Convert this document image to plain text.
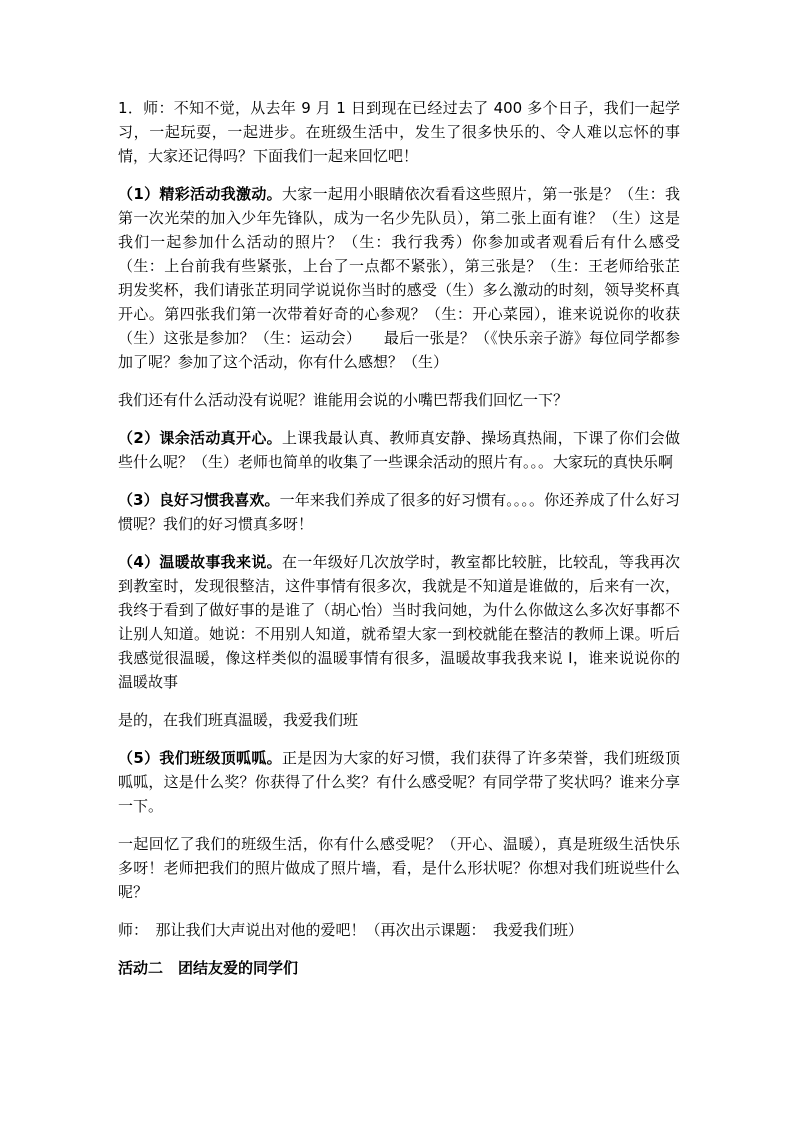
1．师：不知不觉，从去年 9 月 1 日到现在已经过去了 400 多个日子，我们一起学习，一起玩耍，一起进步。在班级生活中，发生了很多快乐的、令人难以忘怀的事情，大家还记得吗？下面我们一起来回忆吧！

（1）精彩活动我激动。大家一起用小眼睛依次看看这些照片，第一张是？（生：我第一次光荣的加入少年先锋队，成为一名少先队员），第二张上面有谁？（生）这是我们一起参加什么活动的照片？（生：我行我秀）你参加或者观看后有什么感受（生：上台前我有些紧张，上台了一点都不紧张），第三张是？（生：王老师给张芷玥发奖杯，我们请张芷玥同学说说你当时的感受（生）多么激动的时刻，领导奖杯真开心。第四张我们第一次带着好奇的心参观？（生：开心菜园），谁来说说你的收获（生）这张是参加？（生：运动会）　　最后一张是？（《快乐亲子游》每位同学都参加了呢？参加了这个活动，你有什么感想？（生）

我们还有什么活动没有说呢？谁能用会说的小嘴巴帮我们回忆一下？

（2）课余活动真开心。上课我最认真、教师真安静、操场真热闹，下课了你们会做些什么呢？（生）老师也简单的收集了一些课余活动的照片有。。。大家玩的真快乐啊

（3）良好习惯我喜欢。一年来我们养成了很多的好习惯有。。。。你还养成了什么好习惯呢？我们的好习惯真多呀！

（4）温暖故事我来说。在一年级好几次放学时，教室都比较脏，比较乱，等我再次到教室时，发现很整洁，这件事情有很多次，我就是不知道是谁做的，后来有一次，我终于看到了做好事的是谁了（胡心怡）当时我问她，为什么你做这么多次好事都不让别人知道。她说：不用别人知道，就希望大家一到校就能在整洁的教师上课。听后我感觉很温暖，像这样类似的温暖事情有很多，温暖故事我我来说 I，谁来说说你的温暖故事

是的，在我们班真温暖，我爱我们班

（5）我们班级顶呱呱。正是因为大家的好习惯，我们获得了许多荣誉，我们班级顶呱呱，这是什么奖？你获得了什么奖？有什么感受呢？有同学带了奖状吗？谁来分享一下。

一起回忆了我们的班级生活，你有什么感受呢？（开心、温暖），真是班级生活快乐多呀！老师把我们的照片做成了照片墙，看，是什么形状呢？你想对我们班说些什么呢？

师：　那让我们大声说出对他的爱吧！（再次出示课题：　我爱我们班）

活动二　团结友爱的同学们
